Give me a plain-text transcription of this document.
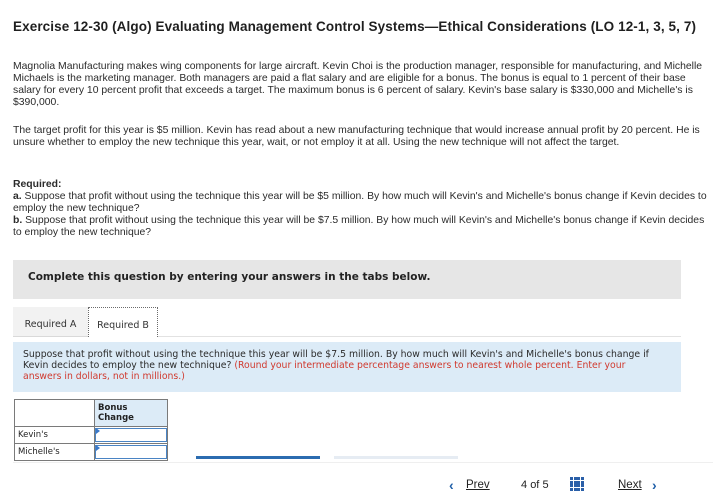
Exercise 12-30 (Algo) Evaluating Management Control Systems—Ethical Considerations (LO 12-1, 3, 5, 7)
Magnolia Manufacturing makes wing components for large aircraft. Kevin Choi is the production manager, responsible for manufacturing, and Michelle Michaels is the marketing manager. Both managers are paid a flat salary and are eligible for a bonus. The bonus is equal to 1 percent of their base salary for every 10 percent profit that exceeds a target. The maximum bonus is 6 percent of salary. Kevin's base salary is $330,000 and Michelle's is $390,000.
The target profit for this year is $5 million. Kevin has read about a new manufacturing technique that would increase annual profit by 20 percent. He is unsure whether to employ the new technique this year, wait, or not employ it at all. Using the new technique will not affect the target.
Required:
a. Suppose that profit without using the technique this year will be $5 million. By how much will Kevin's and Michelle's bonus change if Kevin decides to employ the new technique?
b. Suppose that profit without using the technique this year will be $7.5 million. By how much will Kevin's and Michelle's bonus change if Kevin decides to employ the new technique?
Complete this question by entering your answers in the tabs below.
Required A	Required B

Suppose that profit without using the technique this year will be $7.5 million. By how much will Kevin's and Michelle's bonus change if Kevin decides to employ the new technique? (Round your intermediate percentage answers to nearest whole percent. Enter your answers in dollars, not in millions.)

	Bonus Change
Kevin's	

Michelle's	
‹ Prev	4 of 5	Next ›
